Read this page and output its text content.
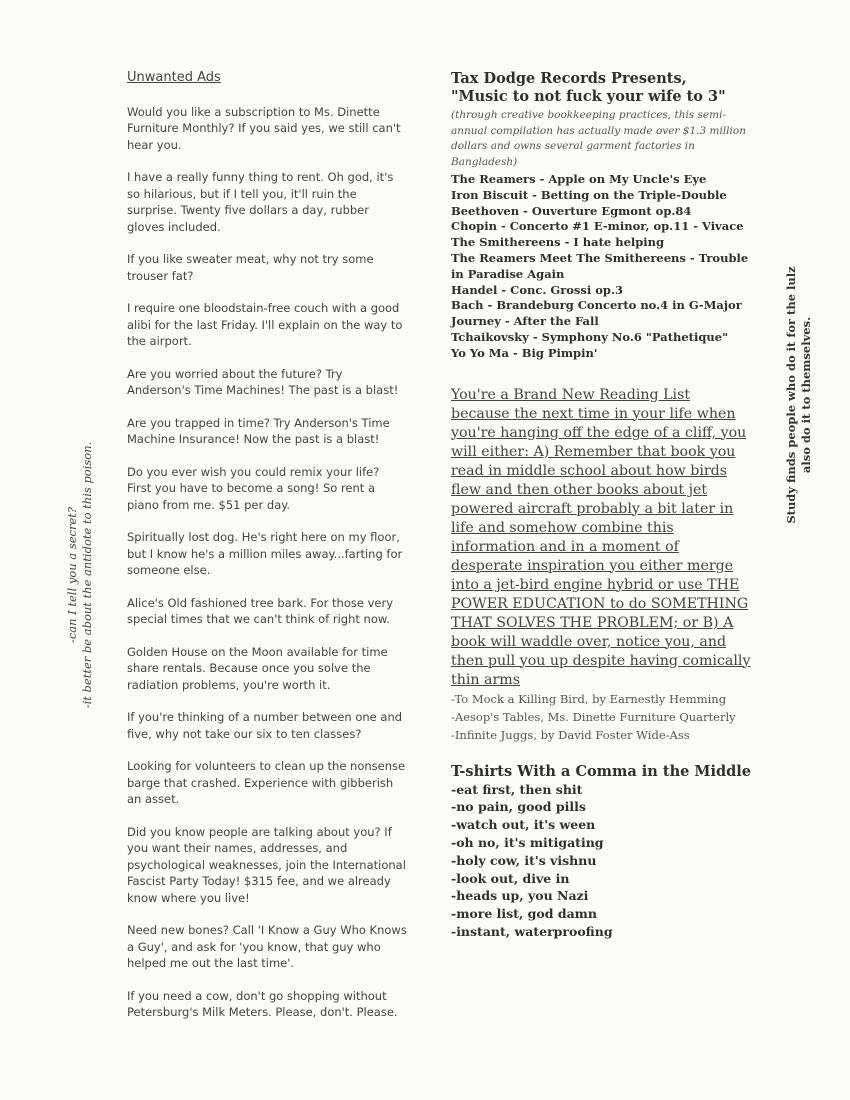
Unwanted Ads
Would you like a subscription to Ms. Dinette Furniture Monthly? If you said yes, we still can't hear you.
I have a really funny thing to rent. Oh god, it's so hilarious, but if I tell you, it'll ruin the surprise. Twenty five dollars a day, rubber gloves included.
If you like sweater meat, why not try some trouser fat?
I require one bloodstain-free couch with a good alibi for the last Friday. I'll explain on the way to the airport.
Are you worried about the future? Try Anderson's Time Machines! The past is a blast!
Are you trapped in time? Try Anderson's Time Machine Insurance! Now the past is a blast!
Do you ever wish you could remix your life? First you have to become a song! So rent a piano from me. $51 per day.
Spiritually lost dog. He's right here on my floor, but I know he's a million miles away...farting for someone else.
Alice's Old fashioned tree bark. For those very special times that we can't think of right now.
Golden House on the Moon available for time share rentals. Because once you solve the radiation problems, you're worth it.
If you're thinking of a number between one and five, why not take our six to ten classes?
Looking for volunteers to clean up the nonsense barge that crashed. Experience with gibberish an asset.
Did you know people are talking about you? If you want their names, addresses, and psychological weaknesses, join the International Fascist Party Today! $315 fee, and we already know where you live!
Need new bones? Call 'I Know a Guy Who Knows a Guy', and ask for 'you know, that guy who helped me out the last time'.
If you need a cow, don't go shopping without Petersburg's Milk Meters. Please, don't. Please.
Tax Dodge Records Presents,
"Music to not fuck your wife to 3"
(through creative bookkeeping practices, this semi-annual compilation has actually made over $1.3 million dollars and owns several garment factories in Bangladesh)
The Reamers - Apple on My Uncle's Eye
Iron Biscuit - Betting on the Triple-Double
Beethoven - Ouverture Egmont op.84
Chopin - Concerto #1 E-minor, op.11 - Vivace
The Smithereens - I hate helping
The Reamers Meet The Smithereens - Trouble in Paradise Again
Handel - Conc. Grossi op.3
Bach - Brandeburg Concerto no.4 in G-Major
Journey - After the Fall
Tchaikovsky - Symphony No.6 "Pathetique"
Yo Yo Ma - Big Pimpin'
You're a Brand New Reading List because the next time in your life when you're hanging off the edge of a cliff, you will either: A) Remember that book you read in middle school about how birds flew and then other books about jet powered aircraft probably a bit later in life and somehow combine this information and in a moment of desperate inspiration you either merge into a jet-bird engine hybrid or use THE POWER EDUCATION to do SOMETHING THAT SOLVES THE PROBLEM; or B) A book will waddle over, notice you, and then pull you up despite having comically thin arms
-To Mock a Killing Bird, by Earnestly Hemming
-Aesop's Tables, Ms. Dinette Furniture Quarterly
-Infinite Juggs, by David Foster Wide-Ass
T-shirts With a Comma in the Middle
-eat first, then shit
-no pain, good pills
-watch out, it's ween
-oh no, it's mitigating
-holy cow, it's vishnu
-look out, dive in
-heads up, you Nazi
-more list, god damn
-instant, waterproofing
-can I tell you a secret? -it better be about the antidote to this poison.
Study finds people who do it for the lulz also do it to themselves.
